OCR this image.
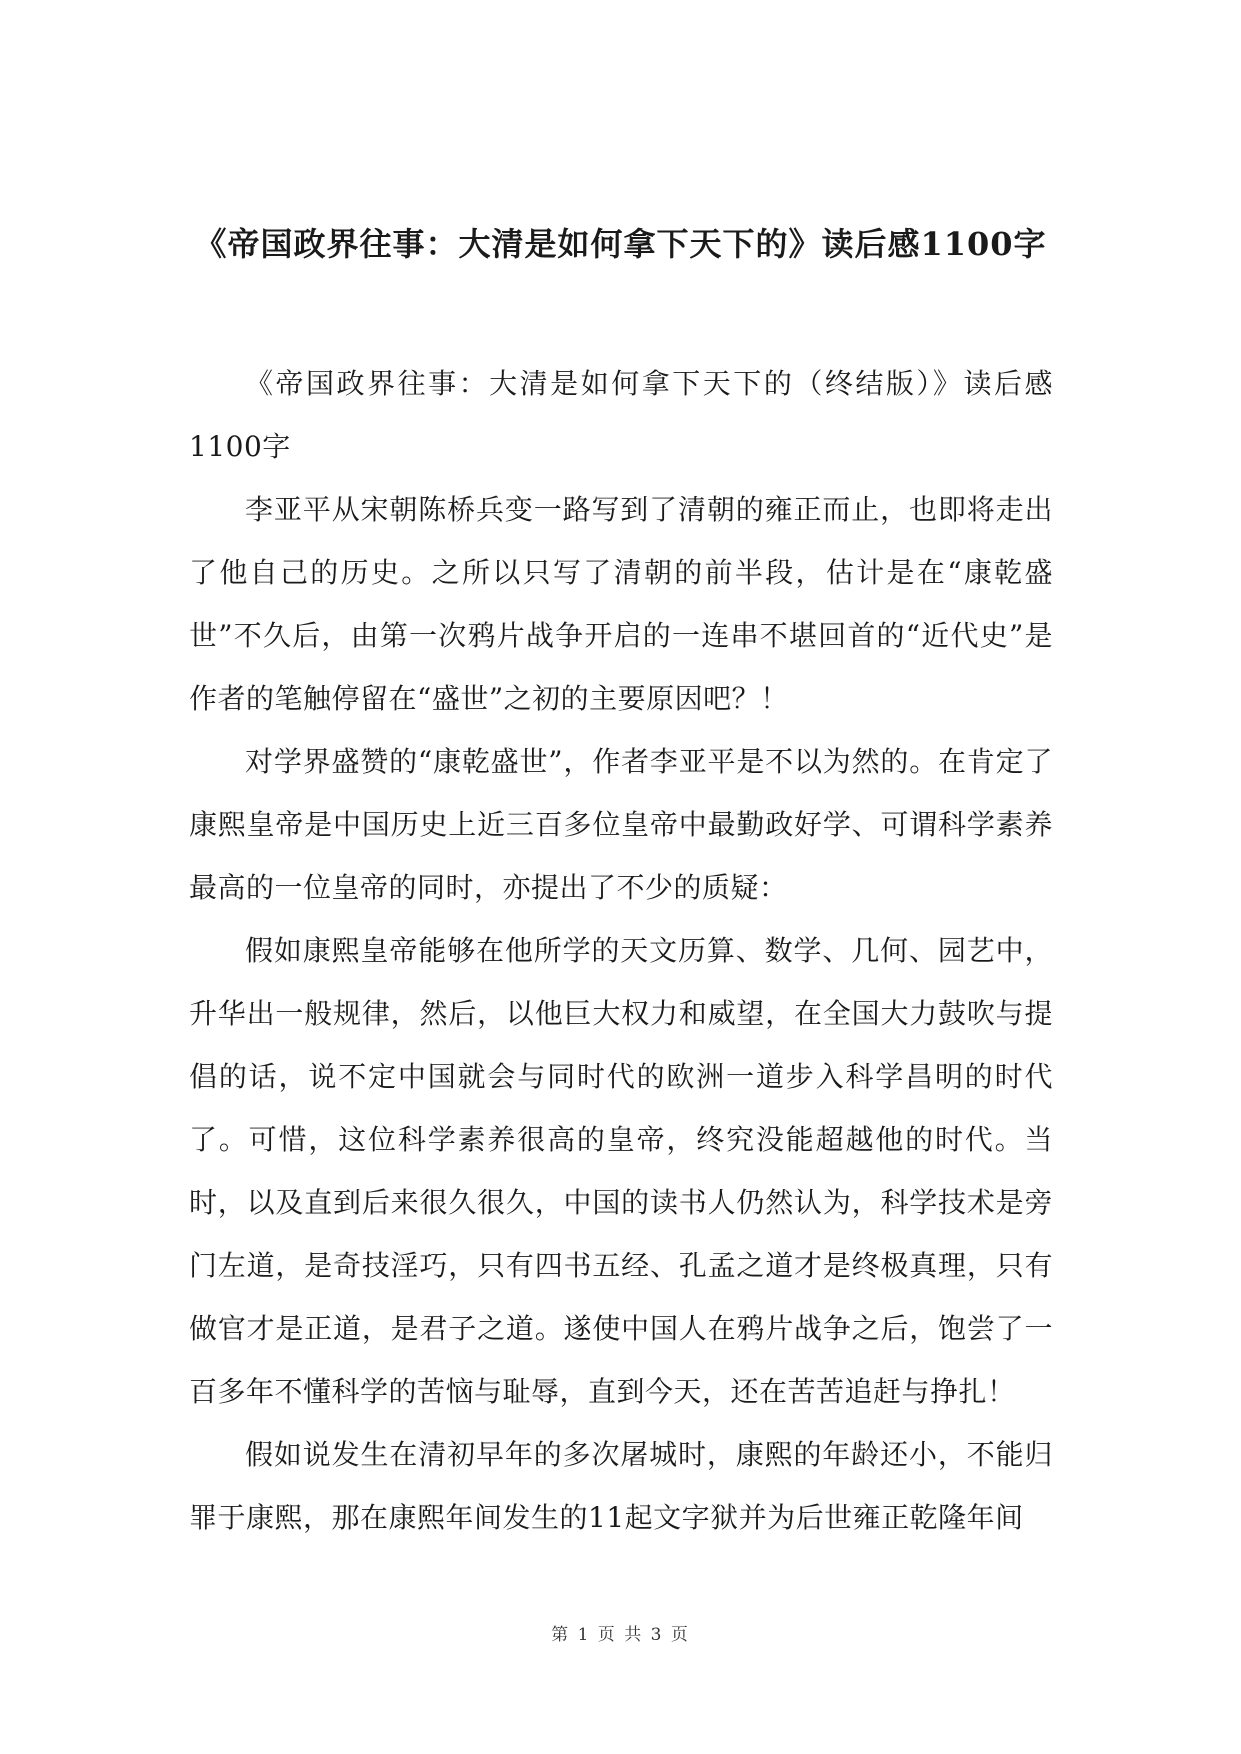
《帝国政界往事：大清是如何拿下天下的》读后感1100字

《帝国政界往事：大清是如何拿下天下的（终结版）》读后感1100字

李亚平从宋朝陈桥兵变一路写到了清朝的雍正而止，也即将走出了他自己的历史。之所以只写了清朝的前半段，估计是在“康乾盛世”不久后，由第一次鸦片战争开启的一连串不堪回首的“近代史”是作者的笔触停留在“盛世”之初的主要原因吧？！

对学界盛赞的“康乾盛世”，作者李亚平是不以为然的。在肯定了康熙皇帝是中国历史上近三百多位皇帝中最勤政好学、可谓科学素养最高的一位皇帝的同时，亦提出了不少的质疑：

假如康熙皇帝能够在他所学的天文历算、数学、几何、园艺中，升华出一般规律，然后，以他巨大权力和威望，在全国大力鼓吹与提倡的话，说不定中国就会与同时代的欧洲一道步入科学昌明的时代了。可惜，这位科学素养很高的皇帝，终究没能超越他的时代。当时，以及直到后来很久很久，中国的读书人仍然认为，科学技术是旁门左道，是奇技淫巧，只有四书五经、孔孟之道才是终极真理，只有做官才是正道，是君子之道。遂使中国人在鸦片战争之后，饱尝了一百多年不懂科学的苦恼与耻辱，直到今天，还在苦苦追赶与挣扎！

假如说发生在清初早年的多次屠城时，康熙的年龄还小，不能归罪于康熙，那在康熙年间发生的11起文字狱并为后世雍正乾隆年间

第 1 页 共 3 页
